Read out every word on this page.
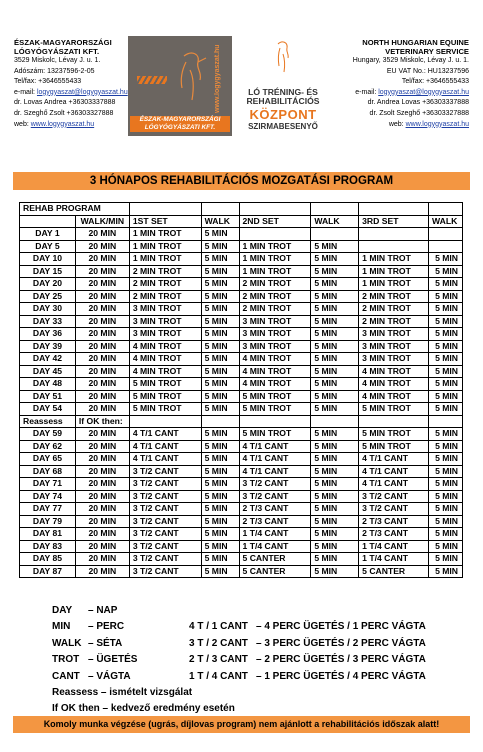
ÉSZAK-MAGYARORSZÁGI
LÓGYÓGYÁSZATI KFT.
3529 Miskolc, Lévay J. u. 1.
Adószám: 13237596-2-05
Tel/fax: +3646555433
e-mail: logygyaszat@logygyaszat.hu
dr. Lovas Andrea +36303337888
dr. Szeghő Zsolt +36303327888
web: www.logygyaszat.hu
www.logygyaszat.hu
ÉSZAK-MAGYARORSZÁGI LÓGYÓGYÁSZATI KFT.
LÓ TRÉNING- ÉS
REHABILITÁCIÓS
KÖZPONT
SZIRMABESENYŐ
NORTH HUNGARIAN EQUINE
VETERINARY SERVICE
Hungary, 3529 Miskolc, Lévay J. u. 1.
EU VAT No.: HU13237596
Tel/fax: +3646555433
e-mail: logygyaszat@logygyaszat.hu
dr. Andrea Lovas +36303337888
dr. Zsolt Szeghő +36303327888
web: www.logygyaszat.hu
3 HÓNAPOS REHABILITÁCIÓS MOZGATÁSI PROGRAM
REHAB PROGRAM							
	WALK/MIN	1ST SET	WALK	2ND SET	WALK	3RD SET	WALK
DAY 1	20 MIN	1 MIN TROT	5 MIN				
DAY 5	20 MIN	1 MIN TROT	5 MIN	1 MIN TROT	5 MIN		
DAY 10	20 MIN	1 MIN TROT	5 MIN	1 MIN TROT	5 MIN	1 MIN TROT	5 MIN
DAY 15	20 MIN	2 MIN TROT	5 MIN	1 MIN TROT	5 MIN	1 MIN TROT	5 MIN
DAY 20	20 MIN	2 MIN TROT	5 MIN	2 MIN TROT	5 MIN	1 MIN TROT	5 MIN
DAY 25	20 MIN	2 MIN TROT	5 MIN	2 MIN TROT	5 MIN	2 MIN TROT	5 MIN
DAY 30	20 MIN	3 MIN TROT	5 MIN	2 MIN TROT	5 MIN	2 MIN TROT	5 MIN
DAY 33	20 MIN	3 MIN TROT	5 MIN	3 MIN TROT	5 MIN	2 MIN TROT	5 MIN
DAY 36	20 MIN	3 MIN TROT	5 MIN	3 MIN TROT	5 MIN	3 MIN TROT	5 MIN
DAY 39	20 MIN	4 MIN TROT	5 MIN	3 MIN TROT	5 MIN	3 MIN TROT	5 MIN
DAY 42	20 MIN	4 MIN TROT	5 MIN	4 MIN TROT	5 MIN	3 MIN TROT	5 MIN
DAY 45	20 MIN	4 MIN TROT	5 MIN	4 MIN TROT	5 MIN	4 MIN TROT	5 MIN
DAY 48	20 MIN	5 MIN TROT	5 MIN	4 MIN TROT	5 MIN	4 MIN TROT	5 MIN
DAY 51	20 MIN	5 MIN TROT	5 MIN	5 MIN TROT	5 MIN	4 MIN TROT	5 MIN
DAY 54	20 MIN	5 MIN TROT	5 MIN	5 MIN TROT	5 MIN	5 MIN TROT	5 MIN
Reassess	If OK then:						
DAY 59	20 MIN	4 T/1 CANT	5 MIN	5 MIN TROT	5 MIN	5 MIN TROT	5 MIN
DAY 62	20 MIN	4 T/1 CANT	5 MIN	4 T/1 CANT	5 MIN	5 MIN TROT	5 MIN
DAY 65	20 MIN	4 T/1 CANT	5 MIN	4 T/1 CANT	5 MIN	4 T/1 CANT	5 MIN
DAY 68	20 MIN	3 T/2 CANT	5 MIN	4 T/1 CANT	5 MIN	4 T/1 CANT	5 MIN
DAY 71	20 MIN	3 T/2 CANT	5 MIN	3 T/2 CANT	5 MIN	4 T/1 CANT	5 MIN
DAY 74	20 MIN	3 T/2 CANT	5 MIN	3 T/2 CANT	5 MIN	3 T/2 CANT	5 MIN
DAY 77	20 MIN	3 T/2 CANT	5 MIN	2 T/3 CANT	5 MIN	3 T/2 CANT	5 MIN
DAY 79	20 MIN	3 T/2 CANT	5 MIN	2 T/3 CANT	5 MIN	2 T/3 CANT	5 MIN
DAY 81	20 MIN	3 T/2 CANT	5 MIN	1 T/4 CANT	5 MIN	2 T/3 CANT	5 MIN
DAY 83	20 MIN	3 T/2 CANT	5 MIN	1 T/4 CANT	5 MIN	1 T/4 CANT	5 MIN
DAY 85	20 MIN	3 T/2 CANT	5 MIN	5 CANTER	5 MIN	1 T/4 CANT	5 MIN
DAY 87	20 MIN	3 T/2 CANT	5 MIN	5 CANTER	5 MIN	5 CANTER	5 MIN
DAY – NAP
MIN – PERC	4 T / 1 CANT – 4 PERC ÜGETÉS / 1 PERC VÁGTA
WALK – SÉTA	3 T / 2 CANT – 3 PERC ÜGETÉS / 2 PERC VÁGTA
TROT – ÜGETÉS	2 T / 3 CANT – 2 PERC ÜGETÉS / 3 PERC VÁGTA
CANT – VÁGTA	1 T / 4 CANT – 1 PERC ÜGETÉS / 4 PERC VÁGTA
Reassess – ismételt vizsgálat
If OK then – kedvező eredmény esetén
Komoly munka végzése (ugrás, díjlovas program) nem ajánlott a rehabilitációs időszak alatt!
